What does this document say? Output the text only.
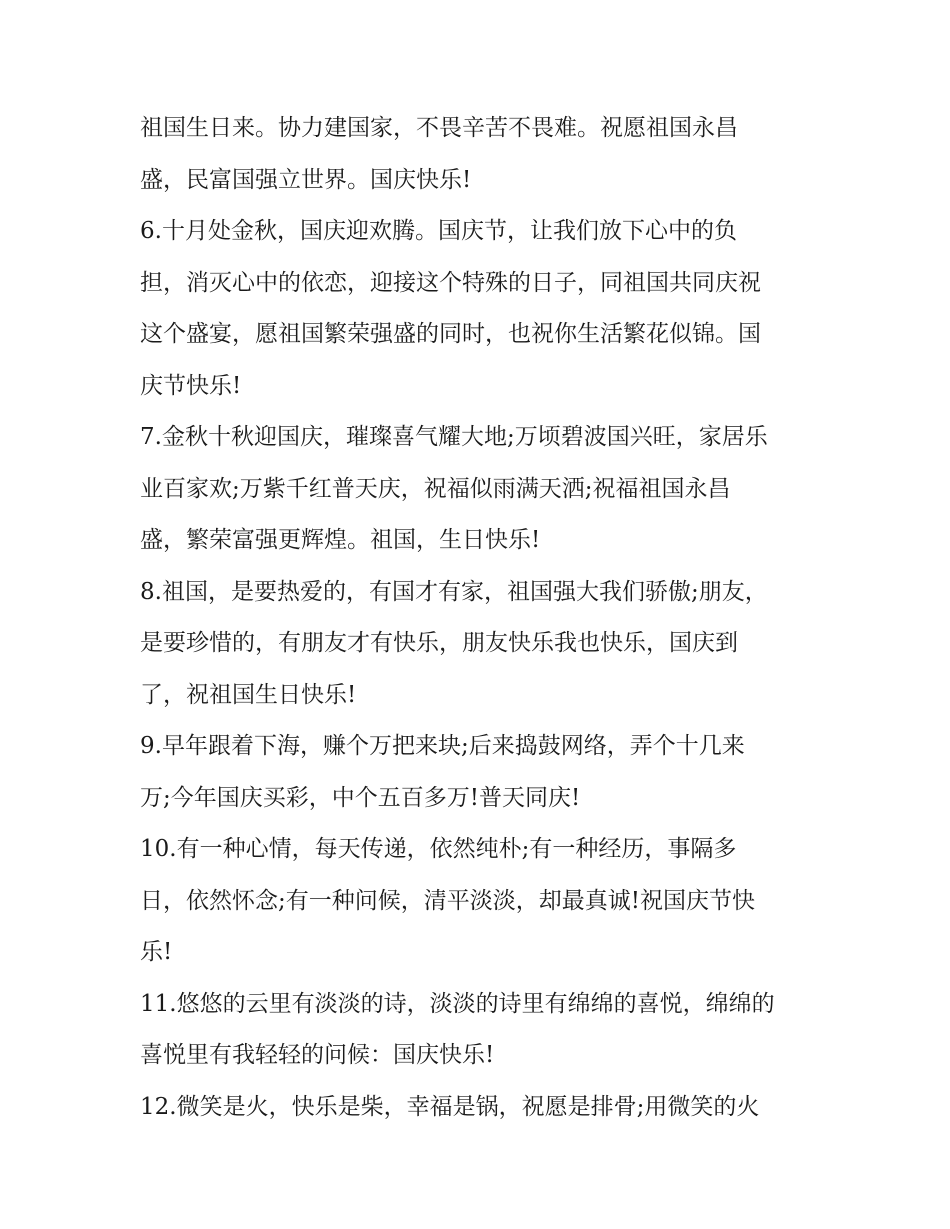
祖国生日来。协力建国家，不畏辛苦不畏难。祝愿祖国永昌
盛，民富国强立世界。国庆快乐!
6.十月处金秋，国庆迎欢腾。国庆节，让我们放下心中的负
担，消灭心中的依恋，迎接这个特殊的日子，同祖国共同庆祝
这个盛宴，愿祖国繁荣强盛的同时，也祝你生活繁花似锦。国
庆节快乐!
7.金秋十秋迎国庆，璀璨喜气耀大地;万顷碧波国兴旺，家居乐
业百家欢;万紫千红普天庆，祝福似雨满天洒;祝福祖国永昌
盛，繁荣富强更辉煌。祖国，生日快乐!
8.祖国，是要热爱的，有国才有家，祖国强大我们骄傲;朋友，
是要珍惜的，有朋友才有快乐，朋友快乐我也快乐，国庆到
了，祝祖国生日快乐!
9.早年跟着下海，赚个万把来块;后来捣鼓网络，弄个十几来
万;今年国庆买彩，中个五百多万!普天同庆!
10.有一种心情，每天传递，依然纯朴;有一种经历，事隔多
日，依然怀念;有一种问候，清平淡淡，却最真诚!祝国庆节快
乐!
11.悠悠的云里有淡淡的诗，淡淡的诗里有绵绵的喜悦，绵绵的
喜悦里有我轻轻的问候：国庆快乐!
12.微笑是火，快乐是柴，幸福是锅，祝愿是排骨;用微笑的火
